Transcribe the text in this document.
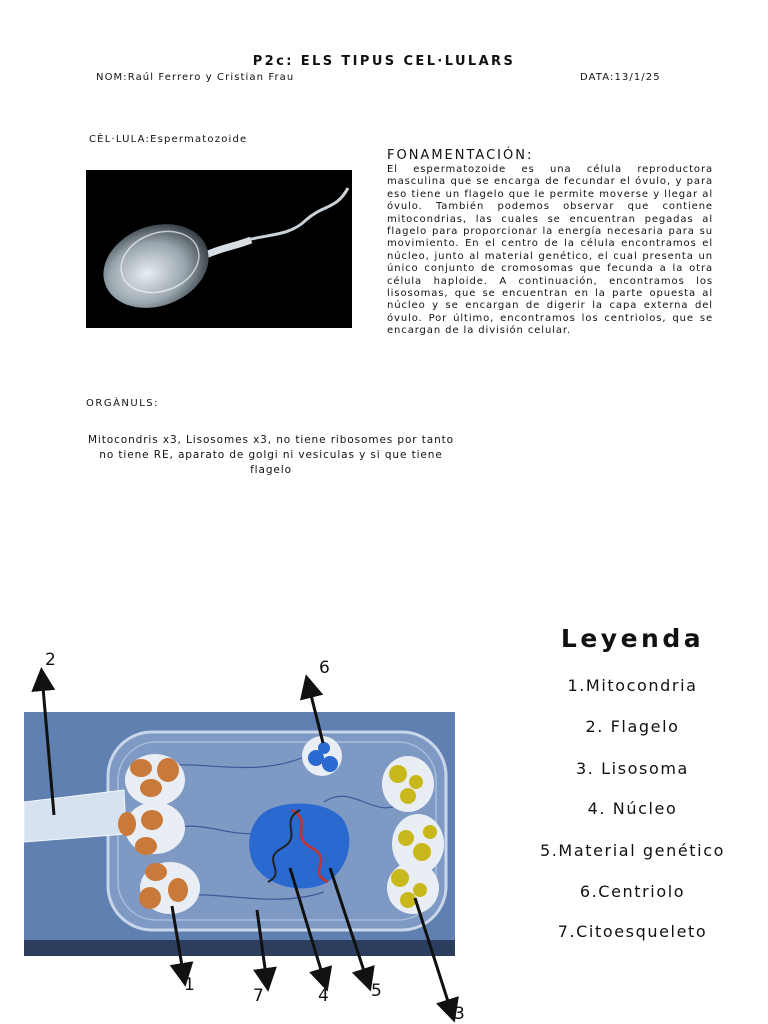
P2c: ELS TIPUS CEL·LULARS
NOM:Raúl Ferrero y Cristian Frau	DATA:13/1/25
CÈL·LULA:Espermatozoide
FONAMENTACIÓN:
El espermatozoide es una célula reproductora masculina que se encarga de fecundar el óvulo, y para eso tiene un flagelo que le permite moverse y llegar al óvulo. También podemos observar que contiene mitocondrias, las cuales se encuentran pegadas al flagelo para proporcionar la energía necesaria para su movimiento. En el centro de la célula encontramos el núcleo, junto al material genético, el cual presenta un único conjunto de cromosomas que fecunda a la otra célula haploide. A continuación, encontramos los lisosomas, que se encuentran en la parte opuesta al núcleo y se encargan de digerir la capa externa del óvulo. Por último, encontramos los centriolos, que se encargan de la división celular.
ORGÀNULS:
Mitocondris x3, Lisosomes x3, no tiene ribosomes por tanto no tiene RE, aparato de golgi ni vesiculas y si que tiene flagelo
2	6
1
7	4 5
3
Leyenda
1.Mitocondria
2. Flagelo
3. Lisosoma
4. Núcleo
5.Material genético
6.Centriolo
7.Citoesqueleto
